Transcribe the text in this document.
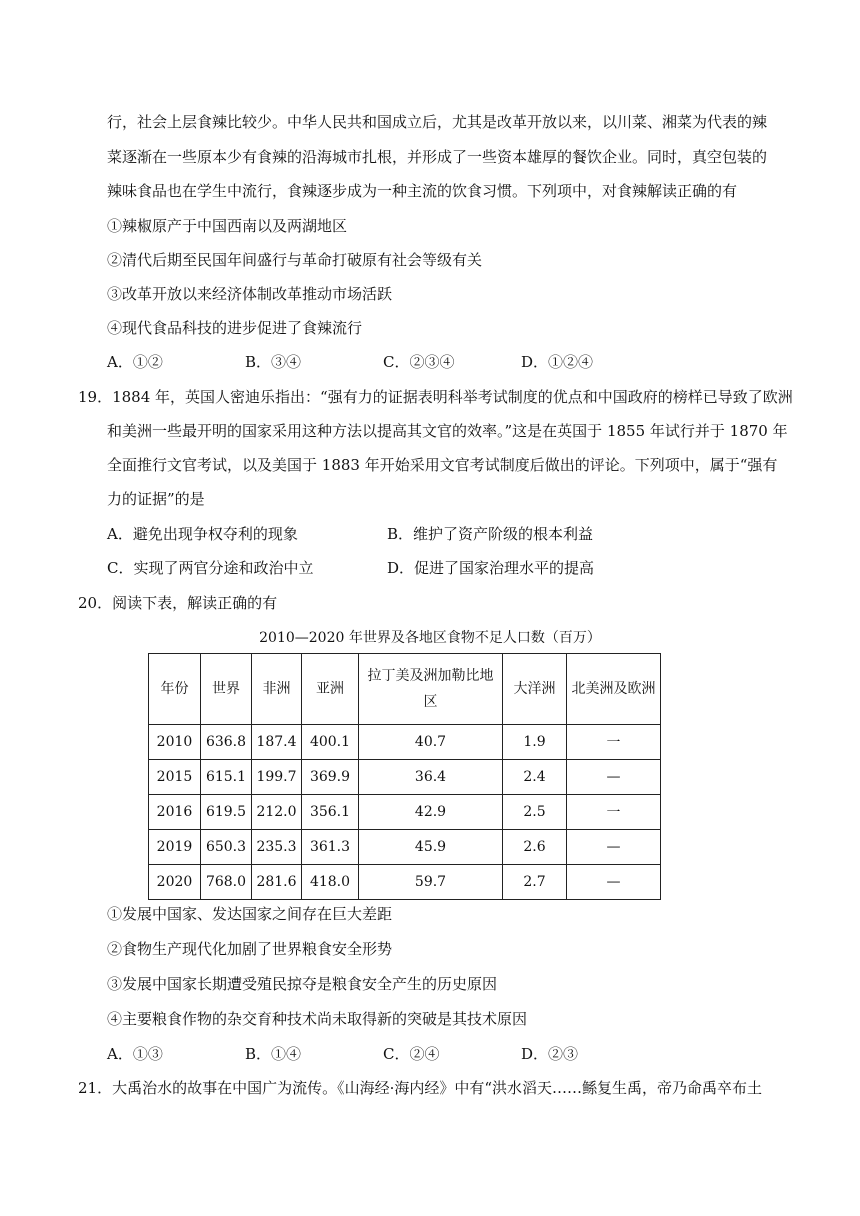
行，社会上层食辣比较少。中华人民共和国成立后，尤其是改革开放以来，以川菜、湘菜为代表的辣
菜逐渐在一些原本少有食辣的沿海城市扎根，并形成了一些资本雄厚的餐饮企业。同时，真空包装的
辣味食品也在学生中流行，食辣逐步成为一种主流的饮食习惯。下列项中，对食辣解读正确的有
①辣椒原产于中国西南以及两湖地区
②清代后期至民国年间盛行与革命打破原有社会等级有关
③改革开放以来经济体制改革推动市场活跃
④现代食品科技的进步促进了食辣流行
A．①②	B．③④	C．②③④	D．①②④
19．1884 年，英国人密迪乐指出：“强有力的证据表明科举考试制度的优点和中国政府的榜样已导致了欧洲
和美洲一些最开明的国家采用这种方法以提高其文官的效率。”这是在英国于 1855 年试行并于 1870 年
全面推行文官考试，以及美国于 1883 年开始采用文官考试制度后做出的评论。下列项中，属于“强有
力的证据”的是
A．避免出现争权夺利的现象	B．维护了资产阶级的根本利益
C．实现了两官分途和政治中立	D．促进了国家治理水平的提高
20．阅读下表，解读正确的有
2010—2020 年世界及各地区食物不足人口数（百万）
年份	世界	非洲	亚洲	拉丁美及洲加勒比地区	大洋洲	北美洲及欧洲
2010	636.8	187.4	400.1	40.7	1.9	一
2015	615.1	199.7	369.9	36.4	2.4	—
2016	619.5	212.0	356.1	42.9	2.5	一
2019	650.3	235.3	361.3	45.9	2.6	—
2020	768.0	281.6	418.0	59.7	2.7	—
①发展中国家、发达国家之间存在巨大差距
②食物生产现代化加剧了世界粮食安全形势
③发展中国家长期遭受殖民掠夺是粮食安全产生的历史原因
④主要粮食作物的杂交育种技术尚未取得新的突破是其技术原因
A．①③	B．①④	C．②④	D．②③
21．大禹治水的故事在中国广为流传。《山海经·海内经》中有“洪水滔天……鲧复生禹，帝乃命禹卒布土
